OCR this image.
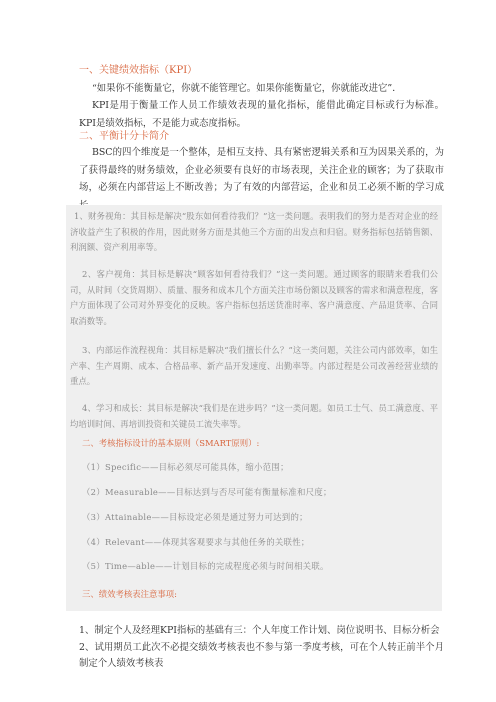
一、关键绩效指标（KPI）
“如果你不能衡量它，你就不能管理它。如果你能衡量它，你就能改进它”．
KPI是用于衡量工作人员工作绩效表现的量化指标，能借此确定目标或行为标准。KPI是绩效指标，不是能力或态度指标。
二、平衡计分卡简介
BSC的四个维度是一个整体，是相互支持、具有紧密逻辑关系和互为因果关系的，为了获得最终的财务绩效，企业必须要有良好的市场表现，关注企业的顾客；为了获取市场，必须在内部营运上不断改善；为了有效的内部营运，企业和员工必须不断的学习成
1、财务视角：其目标是解决“股东如何看待我们？”这一类问题。表明我们的努力是否对企业的经济收益产生了积极的作用，因此财务方面是其他三个方面的出发点和归宿。财务指标包括销售额、利润额、资产利用率等。
2、客户视角：其目标是解决“顾客如何看待我们？”这一类问题。通过顾客的眼睛来看我们公司，从时间（交货周期）、质量、服务和成本几个方面关注市场份额以及顾客的需求和满意程度，客户方面体现了公司对外界变化的反映。客户指标包括送货准时率、客户满意度、产品退货率、合同取消数等。
3、内部运作流程视角：其目标是解决“我们擅长什么？”这一类问题，关注公司内部效率，如生产率、生产周期、成本、合格品率、新产品开发速度、出勤率等。内部过程是公司改善经营业绩的重点。
4、学习和成长：其目标是解决“我们是在进步吗？”这一类问题。如员工士气、员工满意度、平均培训时间、再培训投资和关键员工流失率等。
二、考核指标设计的基本原则（SMART原则）:
（1）Specific——目标必须尽可能具体，缩小范围；
（2）Measurable——目标达到与否尽可能有衡量标准和尺度；
（3）Attainable——目标设定必须是通过努力可达到的；
（4）Relevant——体现其客观要求与其他任务的关联性；
（5）Time—able——计划目标的完成程度必须与时间相关联。
三、绩效考核表注意事项:
1、制定个人及经理KPI指标的基础有三：个人年度工作计划、岗位说明书、目标分析会
2、试用期员工此次不必提交绩效考核表也不参与第一季度考核，可在个人转正前半个月制定个人绩效考核表
